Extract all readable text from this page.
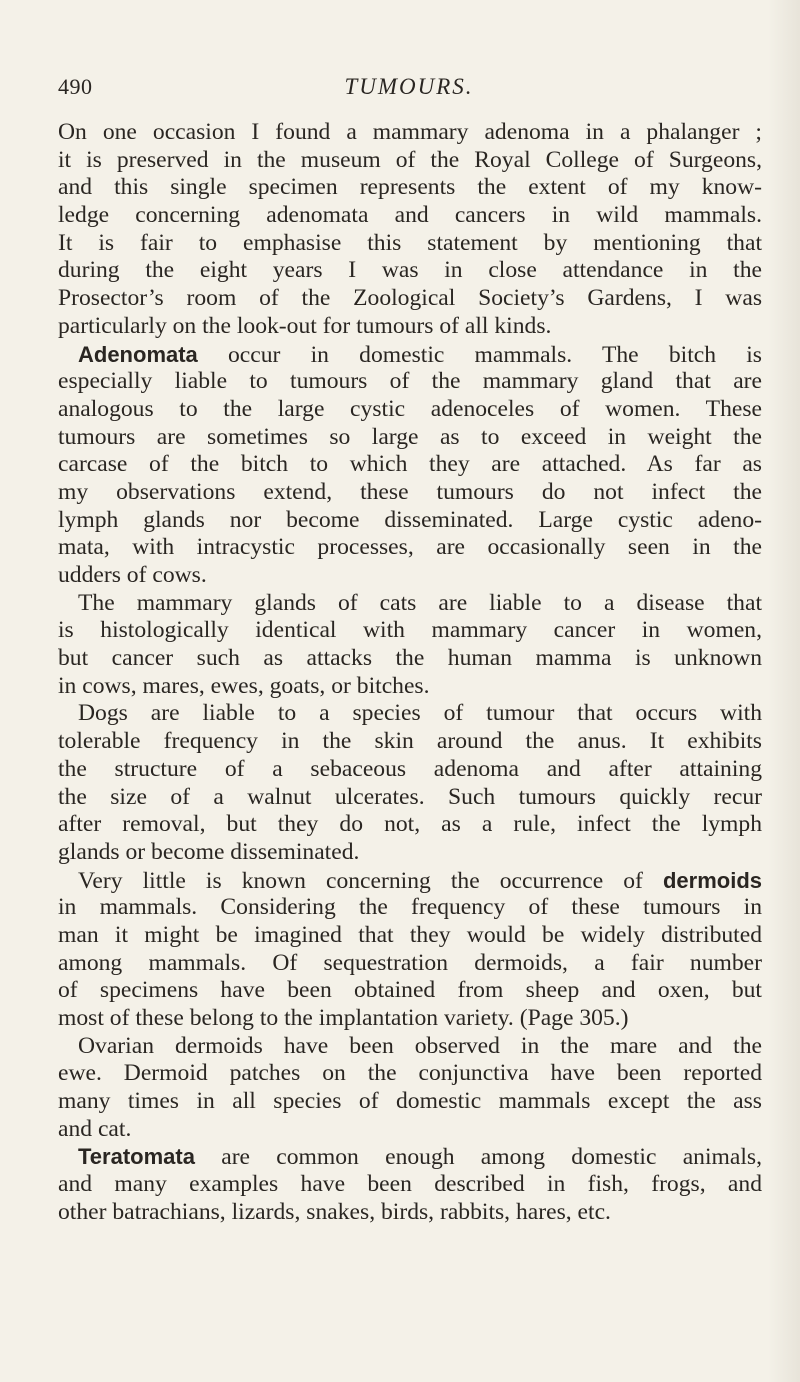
490	TUMOURS.
On one occasion I found a mammary adenoma in a phalanger ;
it is preserved in the museum of the Royal College of Surgeons,
and this single specimen represents the extent of my know-
ledge concerning adenomata and cancers in wild mammals.
It is fair to emphasise this statement by mentioning that
during the eight years I was in close attendance in the
Prosector’s room of the Zoological Society’s Gardens, I was
particularly on the look-out for tumours of all kinds.
Adenomata occur in domestic mammals. The bitch is
especially liable to tumours of the mammary gland that are
analogous to the large cystic adenoceles of women. These
tumours are sometimes so large as to exceed in weight the
carcase of the bitch to which they are attached. As far as
my observations extend, these tumours do not infect the
lymph glands nor become disseminated. Large cystic adeno-
mata, with intracystic processes, are occasionally seen in the
udders of cows.
The mammary glands of cats are liable to a disease that
is histologically identical with mammary cancer in women,
but cancer such as attacks the human mamma is unknown
in cows, mares, ewes, goats, or bitches.
Dogs are liable to a species of tumour that occurs with
tolerable frequency in the skin around the anus. It exhibits
the structure of a sebaceous adenoma and after attaining
the size of a walnut ulcerates. Such tumours quickly recur
after removal, but they do not, as a rule, infect the lymph
glands or become disseminated.
Very little is known concerning the occurrence of dermoids
in mammals. Considering the frequency of these tumours in
man it might be imagined that they would be widely distributed
among mammals. Of sequestration dermoids, a fair number
of specimens have been obtained from sheep and oxen, but
most of these belong to the implantation variety. (Page 305.)
Ovarian dermoids have been observed in the mare and the
ewe. Dermoid patches on the conjunctiva have been reported
many times in all species of domestic mammals except the ass
and cat.
Teratomata are common enough among domestic animals,
and many examples have been described in fish, frogs, and
other batrachians, lizards, snakes, birds, rabbits, hares, etc.
